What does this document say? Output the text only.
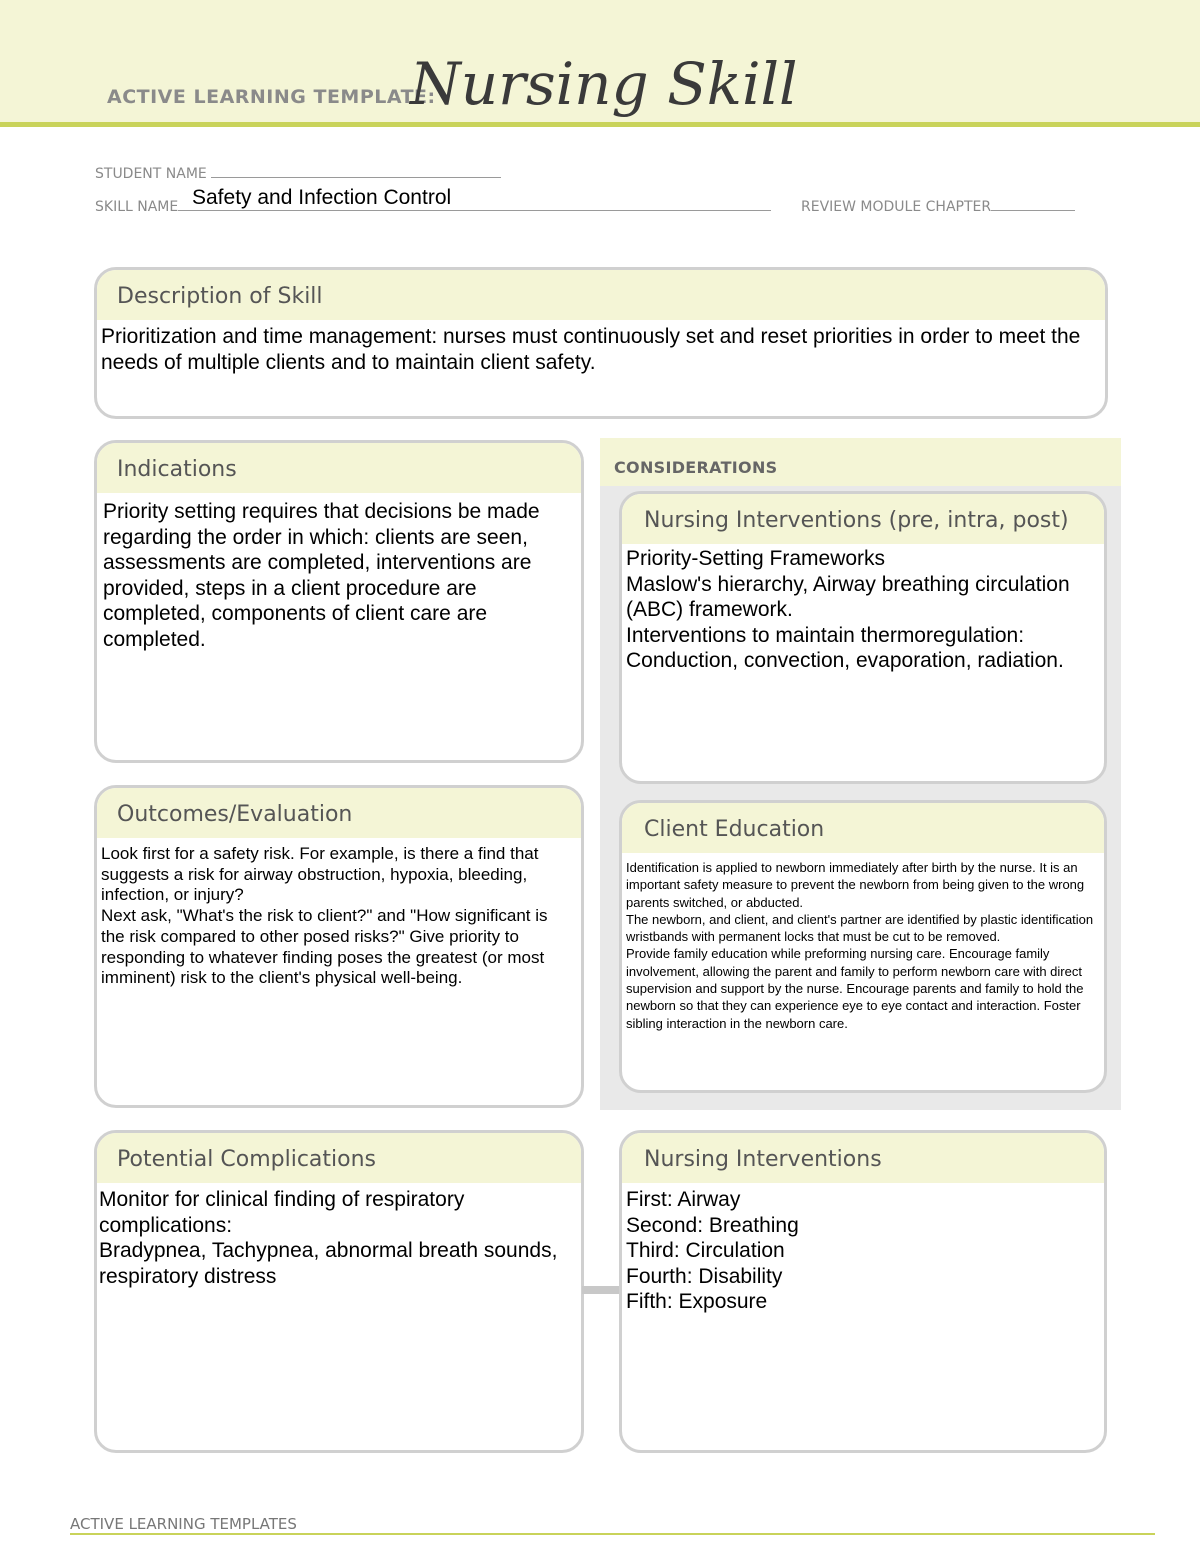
ACTIVE LEARNING TEMPLATE:
Nursing Skill
STUDENT NAME
SKILL NAME Safety and Infection Control	REVIEW MODULE CHAPTER
Description of Skill
Prioritization and time management: nurses must continuously set and reset priorities in order to meet the needs of multiple clients and to maintain client safety.
Indications
Priority setting requires that decisions be made regarding the order in which: clients are seen, assessments are completed, interventions are provided, steps in a client procedure are completed, components of client care are completed.
CONSIDERATIONS
Nursing Interventions (pre, intra, post)
Priority-Setting Frameworks
Maslow's hierarchy, Airway breathing circulation (ABC) framework.
Interventions to maintain thermoregulation: Conduction, convection, evaporation, radiation.
Outcomes/Evaluation
Look first for a safety risk. For example, is there a find that suggests a risk for airway obstruction, hypoxia, bleeding, infection, or injury?
Next ask, "What's the risk to client?" and "How significant is the risk compared to other posed risks?" Give priority to responding to whatever finding poses the greatest (or most imminent) risk to the client's physical well-being.
Client Education
Identification is applied to newborn immediately after birth by the nurse. It is an important safety measure to prevent the newborn from being given to the wrong parents switched, or abducted.
The newborn, and client, and client's partner are identified by plastic identification wristbands with permanent locks that must be cut to be removed.
Provide family education while preforming nursing care. Encourage family involvement, allowing the parent and family to perform newborn care with direct supervision and support by the nurse. Encourage parents and family to hold the newborn so that they can experience eye to eye contact and interaction. Foster sibling interaction in the newborn care.
Potential Complications
Monitor for clinical finding of respiratory complications:
Bradypnea, Tachypnea, abnormal breath sounds, respiratory distress
Nursing Interventions
First: Airway
Second: Breathing
Third: Circulation
Fourth: Disability
Fifth: Exposure
ACTIVE LEARNING TEMPLATES
